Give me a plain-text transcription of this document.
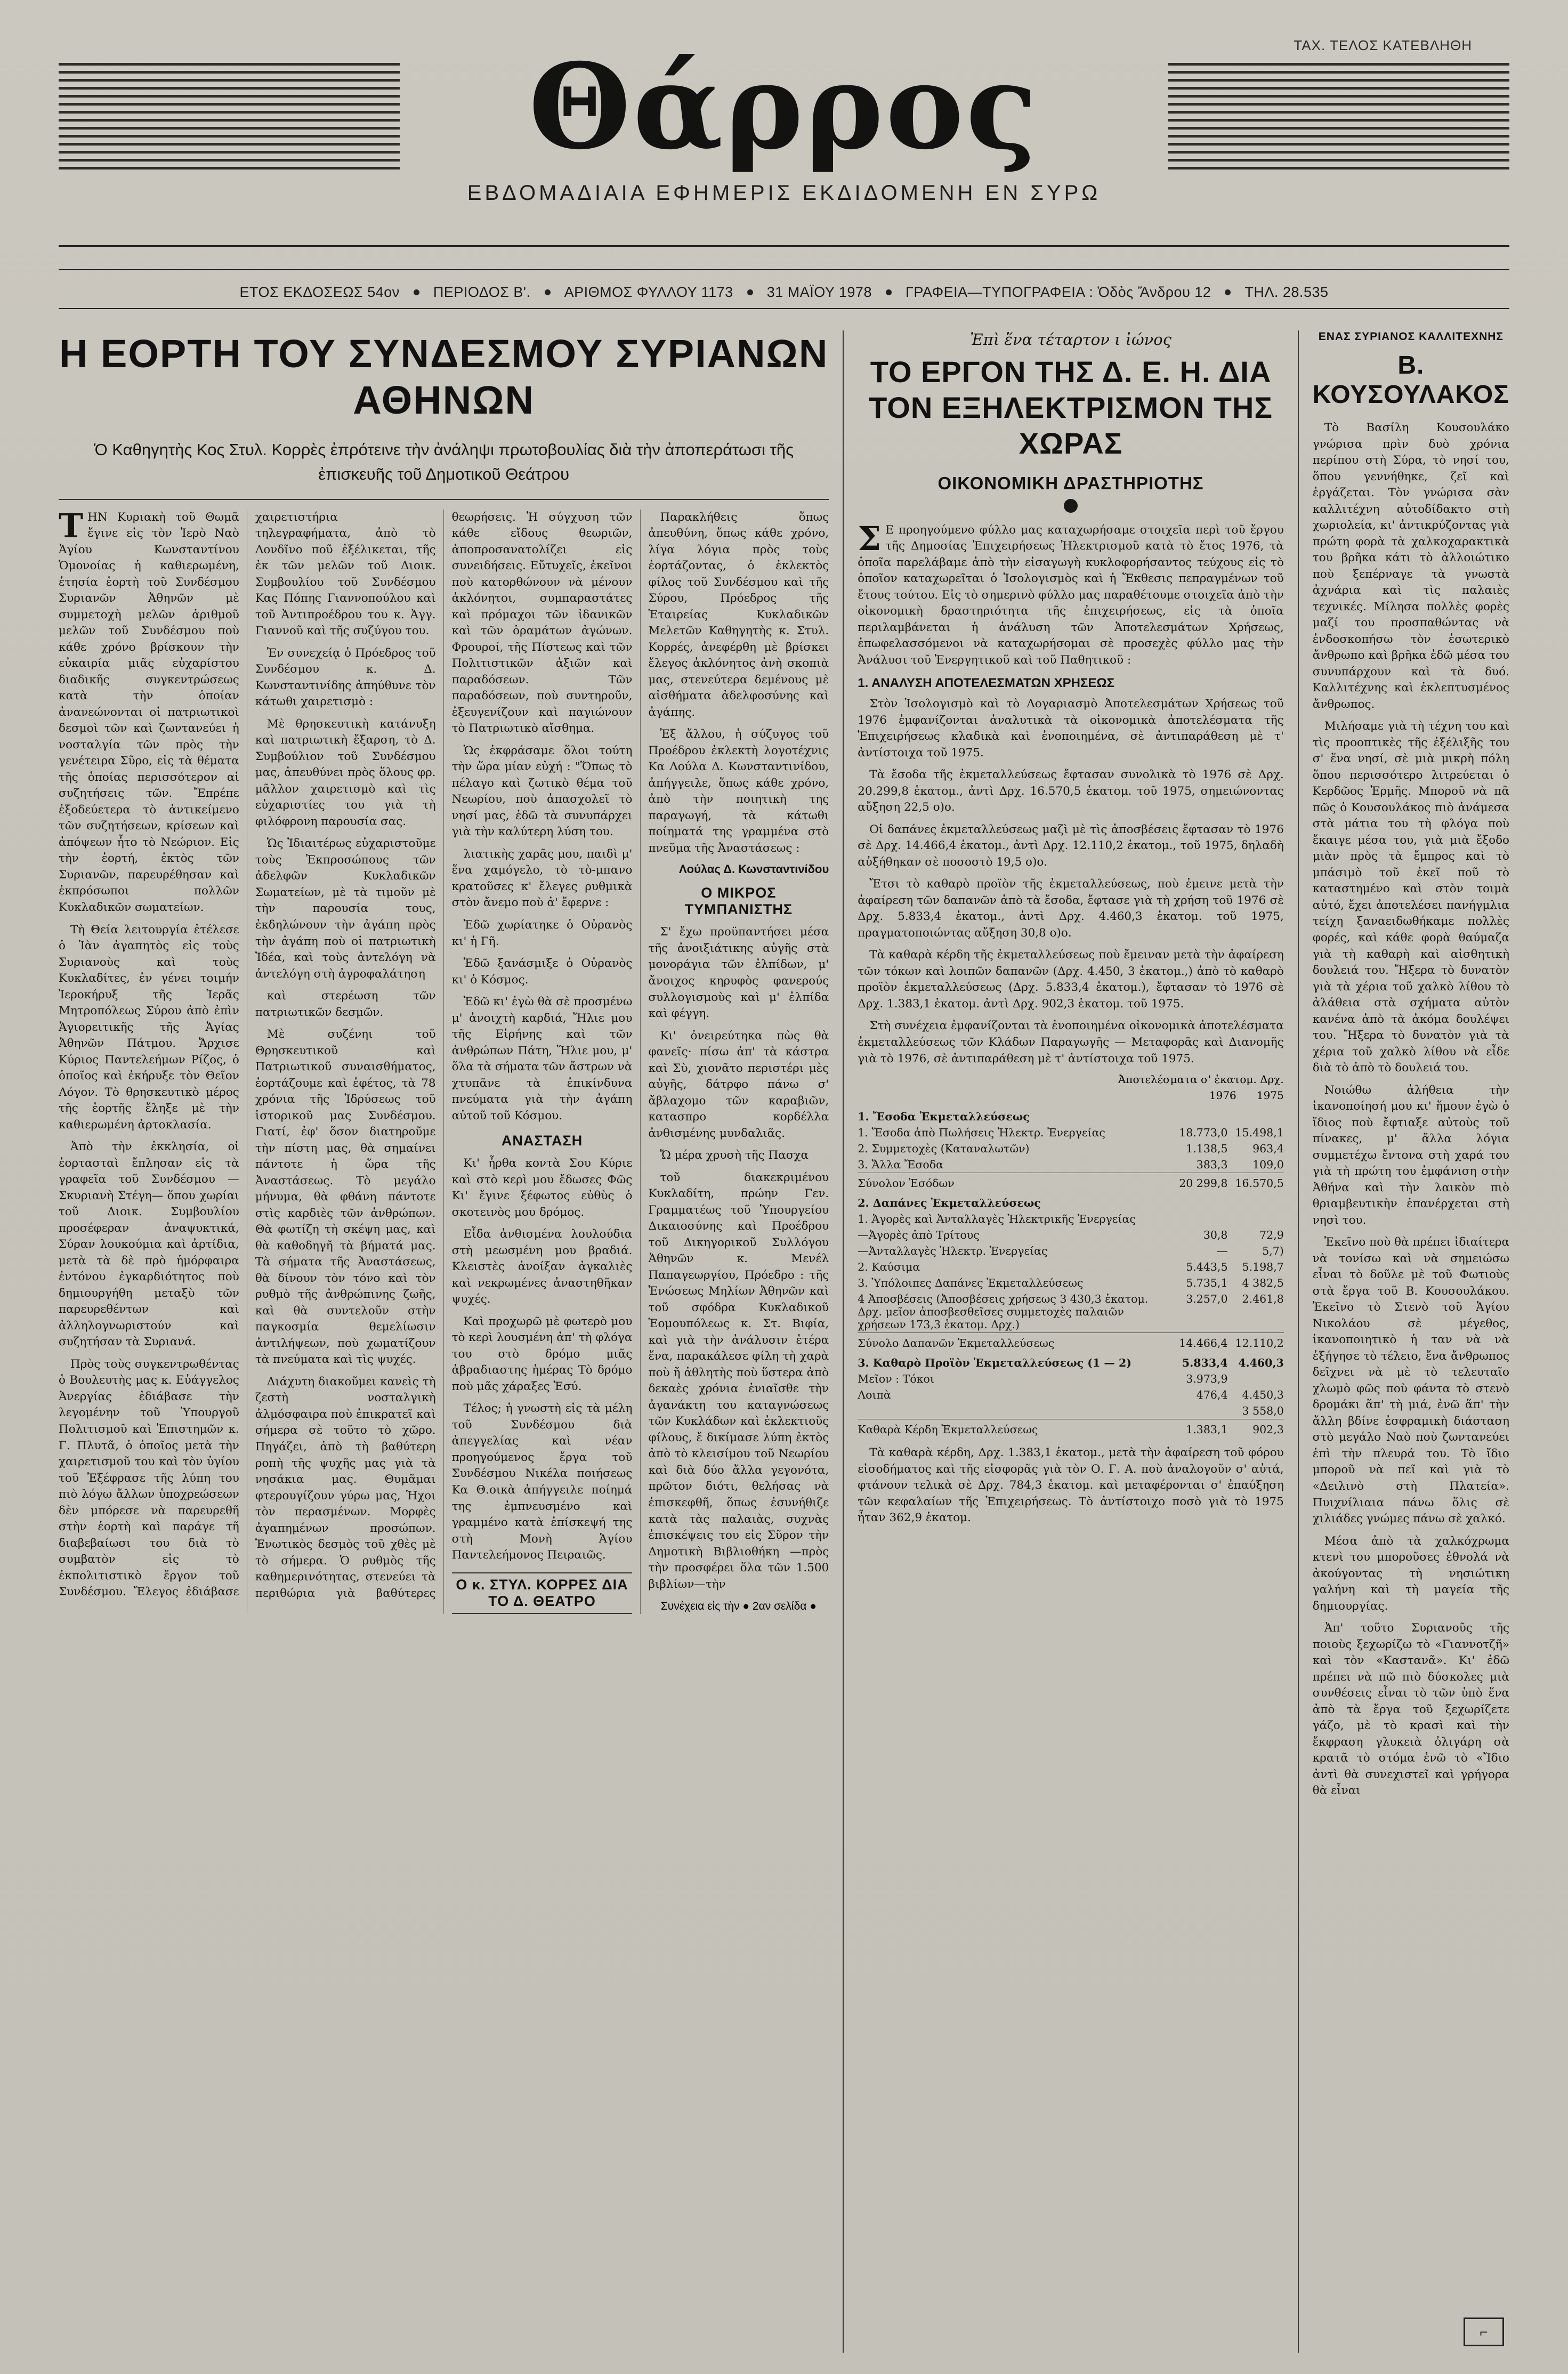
ΤΑΧ. ΤΕΛΟΣ ΚΑΤΕΒΛΗΘΗ
Θάρρος
ΕΒΔΟΜΑΔΙΑΙΑ ΕΦΗΜΕΡΙΣ ΕΚΔΙΔΟΜΕΝΗ ΕΝ ΣΥΡΩ
ΕΤΟΣ ΕΚΔΟΣΕΩΣ 54ον ΠΕΡΙΟΔΟΣ Β'. ΑΡΙΘΜΟΣ ΦΥΛΛΟΥ 1173 31 ΜΑΪΟΥ 1978 ΓΡΑΦΕΙΑ—ΤΥΠΟΓΡΑΦΕΙΑ : Ὁδὸς Ἄνδρου 12 ΤΗΛ. 28.535
Η ΕΟΡΤΗ ΤΟΥ ΣΥΝΔΕΣΜΟΥ ΣΥΡΙΑΝΩΝ ΑΘΗΝΩΝ
Ὁ Καθηγητὴς Κος Στυλ. Κορρὲς ἐπρότεινε τὴν ἀνάληψι πρωτοβουλίας διὰ τὴν ἀποπεράτωσι τῆς ἐπισκευῆς τοῦ Δημοτικοῦ Θεάτρου

ΤΗΝ Κυριακὴ τοῦ Θωμᾶ ἔγινε εἰς τὸν Ἱερὸ Ναὸ Ἁγίου Κωνσταντίνου Ὁμονοίας ἡ καθιερωμένη, ἐτησία ἑορτὴ τοῦ Συνδέσμου Συριανῶν Ἀθηνῶν μὲ συμμετοχὴ μελῶν ἀριθμοῦ μελῶν τοῦ Συνδέσμου ποὺ κάθε χρόνο βρίσκουν τὴν εὐκαιρία μιᾶς εὐχαρίστου διαδικῆς συγκεντρώσεως κατὰ τὴν ὁποίαν ἀνανεώνονται οἱ πατριωτικοὶ δεσμοὶ τῶν καὶ ζωντανεύει ἡ νοσταλγία τῶν πρὸς τὴν γενέτειρα Σῦρο, εἰς τὰ θέματα τῆς ὁποίας περισσότερον αἱ συζητήσεις τῶν. Ἔπρέπε ἐξοδεύετερα τὸ ἀντικείμενο τῶν συζητήσεων, κρίσεων καὶ ἀπόψεων ἦτο τὸ Νεώριον. Εἰς τὴν ἑορτή, ἐκτὸς τῶν Συριανῶν, παρευρέθησαν καὶ ἐκπρόσωποι πολλῶν Κυκλαδικῶν σωματείων.

Τὴ Θεία λειτουργία ἐτέλεσε ὁ Ἱὰν ἀγαπητὸς εἰς τοὺς Συριανοὺς καὶ τοὺς Κυκλαδίτες, ἐν γένει τοιμήν Ἱεροκήρυξ τῆς Ἱερᾶς Μητροπόλεως Σύρου ἀπὸ ἐπὶν Ἁγιορειτικῆς τῆς Ἁγίας Ἀθηνῶν Πάτμου. Ἄρχισε Κύριος Παντελεήμων Ρίζος, ὁ ὁποῖος καὶ ἐκήρυξε τὸν Θεῖον Λόγον. Τὸ θρησκευτικὸ μέρος τῆς ἑορτῆς ἔληξε μὲ τὴν καθιερωμένη ἀρτοκλασία.

Ἀπὸ τὴν ἐκκλησία, οἱ ἑορτασταὶ ἔπλησαν εἰς τὰ γραφεῖα τοῦ Συνδέσμου —Σκυριανὴ Στέγη— ὅπου χωρίαι τοῦ Διοικ. Συμβουλίου προσέφεραν ἀναψυκτικά, Σύραν λουκούμια καὶ ἀρτίδια, μετὰ τὰ δὲ πρὸ ἡμόρφαιρα ἐντόνου ἐγκαρδιότητος ποὺ δημιουργήθη μεταξὺ τῶν παρευρεθέντων καὶ ἀλληλογνωριστούν καὶ συζητήσαν τὰ Συριανά.

Πρὸς τοὺς συγκεντρωθέντας ὁ Βουλευτὴς μας κ. Εὐάγγελος Ἀνεργίας ἐδιάβασε τὴν λεγομένην τοῦ Ὑπουργοῦ Πολιτισμοῦ καὶ Ἐπιστημῶν κ. Γ. Πλυτᾶ, ὁ ὁποῖος μετὰ τὴν χαιρετισμοῦ του καὶ τὸν ὑγίου τοῦ Ἐξέφρασε τῆς λύπη του πιὸ λόγω ἄλλων ὑποχρεώσεων δὲν μπόρεσε νὰ παρευρεθῆ στὴν ἑορτὴ καὶ παράγε τῆ διαβεβαίωσι του διὰ τὸ συμβατὸν εἰς τὸ ἐκπολιτιστικὸ ἔργον τοῦ Συνδέσμου. Ἔλεγος ἐδιάβασε χαιρετιστήρια τηλεγραφήματα, ἀπὸ τὸ Λονδῖνο ποῦ ἐξέλικεται, τῆς ἐκ τῶν μελῶν τοῦ Διοικ. Συμβουλίου τοῦ Συνδέσμου Κας Πόπης Γιαννοπούλου καὶ τοῦ Ἀντιπροέδρου του κ. Ἀγγ. Γιαννοῦ καὶ τῆς συζύγου του.

Ἐν συνεχείᾳ ὁ Πρόεδρος τοῦ Συνδέσμου κ. Δ. Κωνσταντινίδης ἀπηύθυνε τὸν κάτωθι χαιρετισμὸ :

Μὲ θρησκευτικὴ κατάνυξη καὶ πατριωτικὴ ἔξαρση, τὸ Δ. Συμβούλιον τοῦ Συνδέσμου μας, ἀπευθύνει πρὸς ὅλους φρ. μᾶλλον χαιρετισμὸ καὶ τὶς εὐχαριστίες του γιὰ τὴ φιλόφρονη παρουσία σας.

Ὡς Ἰδιαιτέρως εὐχαριστοῦμε τοὺς Ἐκπροσώπους τῶν ἀδελφῶν Κυκλαδικῶν Σωματείων, μὲ τὰ τιμοῦν μὲ τὴν παρουσία τους, ἐκδηλώνουν τὴν ἀγάπη πρὸς τὴν ἀγάπη ποὺ οἱ πατριωτικὴ Ἰδέα, καὶ τοὺς ἀντελόγη νὰ ἀντελόγη στὴ ἀγροφαλάτηση

καὶ στερέωση τῶν πατριωτικῶν δεσμῶν.

Μὲ συζένηι τοῦ Θρησκευτικοῦ καὶ Πατριωτικοῦ συναισθήματος, ἑορτάζουμε καὶ ἐφέτος, τὰ 78 χρόνια τῆς Ἰδρύσεως τοῦ ἱστορικοῦ μας Συνδέσμου. Γιατί, ἐφ' ὅσον διατηροῦμε τὴν πίστη μας, θὰ σημαίνει πάντοτε ἡ ὥρα τῆς Ἀναστάσεως. Τὸ μεγάλο μήνυμα, θὰ φθάνη πάντοτε στὶς καρδιὲς τῶν ἀνθρώπων. Θὰ φωτίζη τὴ σκέψη μας, καὶ θὰ καθοδηγῆ τὰ βήματά μας. Τὰ σήματα τῆς Ἀναστάσεως, θὰ δίνουν τὸν τόνο καὶ τὸν ρυθμὸ τῆς ἀνθρώπινης ζωῆς, καὶ θὰ συντελοῦν στὴν παγκοσμία θεμελίωσιν ἀντιλήψεων, ποὺ χωματίζουν τὰ πνεύματα καὶ τὶς ψυχές.

Διάχυτη διακοῦμει κανεὶς τὴ ζεστὴ νοσταλγικὴ ἀλμόσφαιρα ποὺ ἐπικρατεῖ καὶ σήμερα σὲ τοῦτο τὸ χῶρο. Πηγάζει, ἀπὸ τὴ βαθύτερη ροπὴ τῆς ψυχῆς μας γιὰ τὰ νησάκια μας. Θυμᾶμαι φτερουγίζουν γύρω μας, Ἡχοι τὸν περασμένων. Μορφὲς ἀγαπημένων προσώπων. Ἐνωτικὸς δεσμὸς τοῦ χθὲς μὲ τὸ σήμερα. Ὁ ρυθμὸς τῆς καθημερινότητας, στενεύει τὰ περιθώρια γιὰ βαθύτερες θεωρήσεις. Ἡ σύγχυση τῶν κάθε εἴδους θεωριῶν, ἀποπροσανατολίζει εἰς συνειδήσεις. Εὔτυχεῖς, ἐκεῖνοι ποὺ κατορθώνουν νὰ μένουν ἀκλόνητοι, συμπαραστάτες καὶ πρόμαχοι τῶν ἰδανικῶν καὶ τῶν ὁραμάτων ἀγώνων. Φρουροί, τῆς Πίστεως καὶ τῶν Πολιτιστικῶν ἀξιῶν καὶ παραδόσεων. Τῶν παραδόσεων, ποὺ συντηροῦν, ἐξευγενίζουν καὶ παγιώνουν τὸ Πατριωτικὸ αἴσθημα.

Ὡς ἐκφράσαμε ὅλοι τούτη τὴν ὥρα μίαν εὐχή : "Ὅπως τὸ πέλαγο καὶ ζωτικὸ θέμα τοῦ Νεωρίου, ποὺ ἀπασχολεῖ τὸ νησί μας, ἐδῶ τὰ συνυπάρχει γιὰ τὴν καλύτερη λύση του.

λιατικὴς χαρᾶς μου, παιδὶ μ' ἕνα χαμόγελο, τὸ τὸ-μπανο κρατοῦσες κ' ἔλεγες ρυθμικὰ στὸν ἄνεμο ποὺ ἀ' ἔφερνε :

Ἐδῶ χωρίατηκε ὁ Οὐρανὸς κι' ἡ Γῆ.

Ἐδῶ ξανάσμιξε ὁ Οὐρανὸς κι' ὁ Κόσμος.

Ἐδῶ κι' ἐγὼ θὰ σὲ προσμένω μ' ἀνοιχτὴ καρδιά, Ἥλιε μου τῆς Εἰρήνης καὶ τῶν ἀνθρώπων Πάτη, Ἥλιε μου, μ' ὅλα τὰ σήματα τῶν ἄστρων νὰ χτυπᾶνε τὰ ἐπικίνδυνα πνεύματα γιὰ τὴν ἀγάπη αὐτοῦ τοῦ Κόσμου.

ΑΝΑΣΤΑΣΗ

Κι' ἦρθα κοντὰ Σου Κύριε καὶ στὸ κερὶ μου ἔδωσες Φῶς Κι' ἔγινε ξέφωτος εὐθὺς ὁ σκοτεινὸς μου δρόμος.

Εἶδα ἀνθισμένα λουλούδια στὴ μεωσμένη μου βραδιά. Κλειστὲς ἀνοίξαν ἀγκαλιὲς καὶ νεκρωμένες ἀναστηθῆκαν ψυχές.

Καὶ προχωρῶ μὲ φωτερὸ μου τὸ κερὶ λουσμένη ἀπ' τὴ φλόγα του στὸ δρόμο μιᾶς ἀβραδιαστης ἡμέρας Τὸ δρόμο ποὺ μᾶς χάραξες Ἐσύ.

Τέλος; ἡ γνωστὴ εἰς τὰ μέλη τοῦ Συνδέσμου διὰ ἀπεγγελίας καὶ νέαν προηγούμενος ἔργα τοῦ Συνδέσμου Νικέλα ποιήσεως Κα Θ.οικὰ ἀπήγγειλε ποίημά της ἐμπνευσμένο καὶ γραμμένο κατὰ ἐπίσκεψή της στὴ Μονὴ Ἁγίου Παντελεήμονος Πειραιῶς.

Ο κ. ΣΤΥΛ. ΚΟΡΡΕΣ ΔΙΑ ΤΟ Δ. ΘΕΑΤΡΟ

Παρακλήθεις ὅπως ἀπευθύνη, ὅπως κάθε χρόνο, λίγα λόγια πρὸς τοὺς ἑορτάζοντας, ὁ ἐκλεκτὸς φίλος τοῦ Συνδέσμου καὶ τῆς Σύρου, Πρόεδρος τῆς Ἑταιρείας Κυκλαδικῶν Μελετῶν Καθηγητὴς κ. Στυλ. Κορρές, ἀνεφέρθη μὲ βρίσκει ἔλεγος ἀκλόνητος ἀνὴ σκοπιὰ μας, στενεύτερα δεμένους μὲ αἰσθήματα ἀδελφοσύνης καὶ ἀγάπης.

Ἐξ ἄλλου, ἡ σύζυγος τοῦ Προέδρου ἐκλεκτὴ λογοτέχνις Κα Λούλα Δ. Κωνσταντινίδου, ἀπήγγειλε, ὅπως κάθε χρόνο, ἀπὸ τὴν ποιητικὴ της παραγωγή, τὰ κάτωθι ποίηματά της γραμμένα στὸ πνεῦμα τῆς Ἀναστάσεως :

Λούλας Δ. Κωνσταντινίδου
Ο ΜΙΚΡΟΣ ΤΥΜΠΑΝΙΣΤΗΣ

Σ' ἔχω προϋπαντήσει μέσα τῆς ἀνοιξιάτικης αὐγῆς στὰ μονοράγια τῶν ἐλπίδων, μ' ἄνοιχος κηρυφὸς φανερούς συλλογισμοὺς καὶ μ' ἐλπίδα καὶ φέγγη.

Κι' ὀνειρεύτηκα πὼς θὰ φανεῖς· πίσω ἀπ' τὰ κάστρα καὶ Σὺ, χιονᾶτο περιστέρι μὲς αὐγῆς, δάτρφο πάνω σ' ἄβλαχομο τῶν καραβιῶν, κατασπρο κορδέλλα ἀνθισμένης μυνδαλιᾶς.

Ὤ μέρα χρυσὴ τῆς Πασχα

τοῦ διακεκριμένου Κυκλαδίτη, πρώην Γεν. Γραμματέως τοῦ Ὑπουργείου Δικαιοσύνης καὶ Προέδρου τοῦ Δικηγορικοῦ Συλλόγου Ἀθηνῶν κ. Μενέλ Παπαγεωργίου, Πρόεδρο : τῆς Ἑνώσεως Μηλίων Ἀθηνῶν καὶ τοῦ σφόδρα Κυκλαδικοῦ Ἑομουπόλεως κ. Στ. Βιφία, καὶ γιὰ τὴν ἀνάλυσιν ἑτέρα ἕνα, παρακάλεσε φίλη τὴ χαρὰ ποὺ ἤ ἀθλητὴς ποὺ ὕστερα ἀπὸ δεκαὲς χρόνια ἐνιαῖσθε τὴν ἀγανάκτη του καταγνώσεως τῶν Κυκλάδων καὶ ἐκλεκτιοῦς φίλους, ἔ δικίμασε λύπη ἐκτὸς ἀπὸ τὸ κλεισίμου τοῦ Νεωρίου καὶ διὰ δύο ἄλλα γεγονότα, πρῶτον διότι, θελήσας νὰ ἐπισκεφθῆ, ὅπως ἐσυνήθιζε κατὰ τὰς παλαιὰς, συχνὰς ἐπισκέψεις του εἰς Σῦρον τὴν Δημοτικὴ Βιβλιοθήκη —πρὸς τὴν προσφέρει ὅλα τῶν 1.500 βιβλίων—τὴν

Συνέχεια εἰς τὴν ● 2αν σελίδα ●
Ἐπὶ ἕνα τέταρτον ι ἰώνος
ΤΟ ΕΡΓΟΝ ΤΗΣ Δ. Ε. Η. ΔΙΑ ΤΟΝ ΕΞΗΛΕΚΤΡΙΣΜΟΝ ΤΗΣ ΧΩΡΑΣ
ΟΙΚΟΝΟΜΙΚΗ ΔΡΑΣΤΗΡΙΟΤΗΣ

ΣΕ προηγούμενο φύλλο μας καταχωρήσαμε στοιχεῖα περὶ τοῦ ἔργου τῆς Δημοσίας Ἐπιχειρήσεως Ἠλεκτρισμοῦ κατὰ τὸ ἔτος 1976, τὰ ὁποῖα παρελάβαμε ἀπὸ τὴν εἰσαγωγὴ κυκλοφορήσαντος τεύχους εἰς τὸ ὁποῖον καταχωρεῖται ὁ Ἰσολογισμὸς καὶ ἡ Ἔκθεσις πεπραγμένων τοῦ ἔτους τούτου. Εἰς τὸ σημερινὸ φύλλο μας παραθέτουμε στοιχεῖα ἀπὸ τὴν οἰκονομικὴ δραστηριότητα τῆς ἐπιχειρήσεως, εἰς τὰ ὁποῖα περιλαμβάνεται ἡ ἀνάλυση τῶν Ἀποτελεσμάτων Χρήσεως, ἐπωφελασσόμενοι νὰ καταχωρήσομαι σὲ προσεχὲς φύλλο μας τὴν Ἀνάλυσι τοῦ Ἐνεργητικοῦ καὶ τοῦ Παθητικοῦ :

1. ΑΝΑΛΥΣΗ ΑΠΟΤΕΛΕΣΜΑΤΩΝ ΧΡΗΣΕΩΣ

Στὸν Ἰσολογισμὸ καὶ τὸ Λογαριασμὸ Ἀποτελεσμάτων Χρήσεως τοῦ 1976 ἐμφανίζονται ἀναλυτικὰ τὰ οἰκονομικὰ ἀποτελέσματα τῆς Ἐπιχειρήσεως κλαδικὰ καὶ ἐνοποιημένα, σὲ ἀντιπαράθεση μὲ τ' ἀντίστοιχα τοῦ 1975.

Τὰ ἔσοδα τῆς ἐκμεταλλεύσεως ἔφτασαν συνολικὰ τὸ 1976 σὲ Δρχ. 20.299,8 ἑκατομ., ἀντὶ Δρχ. 16.570,5 ἑκατομ. τοῦ 1975, σημειώνοντας αὔξηση 22,5 ο)ο.

Οἱ δαπάνες ἐκμεταλλεύσεως μαζὶ μὲ τὶς ἀποσβέσεις ἔφτασαν τὸ 1976 σὲ Δρχ. 14.466,4 ἑκατομ., ἀντὶ Δρχ. 12.110,2 ἑκατομ., τοῦ 1975, δηλαδὴ αὐξήθηκαν σὲ ποσοστὸ 19,5 ο)ο.

Ἔτσι τὸ καθαρὸ προϊὸν τῆς ἐκμεταλλεύσεως, ποὺ ἐμεινε μετὰ τὴν ἀφαίρεση τῶν δαπανῶν ἀπὸ τὰ ἔσοδα, ἔφτασε γιὰ τὴ χρήση τοῦ 1976 σὲ Δρχ. 5.833,4 ἑκατομ., ἀντὶ Δρχ. 4.460,3 ἑκατομ. τοῦ 1975, πραγματοποιώντας αὔξηση 30,8 ο)ο.

Τὰ καθαρὰ κέρδη τῆς ἐκμεταλλεύσεως ποὺ ἔμειναν μετὰ τὴν ἀφαίρεση τῶν τόκων καὶ λοιπῶν δαπανῶν (Δρχ. 4.450, 3 ἑκατομ.,) ἀπὸ τὸ καθαρὸ προϊὸν ἐκμεταλλεύσεως (Δρχ. 5.833,4 ἑκατομ.), ἔφτασαν τὸ 1976 σὲ Δρχ. 1.383,1 ἑκατομ. ἀντὶ Δρχ. 902,3 ἑκατομ. τοῦ 1975.

Στὴ συνέχεια ἐμφανίζονται τὰ ἐνοποιημένα οἰκονομικὰ ἀποτελέσματα ἐκμεταλλεύσεως τῶν Κλάδων Παραγωγῆς — Μεταφορᾶς καὶ Διανομῆς γιὰ τὸ 1976, σὲ ἀντιπαράθεση μὲ τ' ἀντίστοιχα τοῦ 1975.

Ἀποτελέσματα σ' ἑκατομ. Δρχ.
1976 1975
1. Ἔσοδα Ἐκμεταλλεύσεως		
1. Ἔσοδα ἀπὸ Πωλήσεις Ἠλεκτρ. Ἐνεργείας	18.773,0	15.498,1
2. Συμμετοχὲς (Καταναλωτῶν)	1.138,5	963,4
3. Ἄλλα Ἔσοδα	383,3	109,0
Σύνολον Ἐσόδων	20 299,8	16.570,5
2. Δαπάνες Ἐκμεταλλεύσεως		
1. Ἀγορὲς καὶ Ἀνταλλαγὲς Ἠλεκτρικῆς Ἐνεργείας		
—Ἀγορὲς ἀπὸ Τρίτους	30,8	72,9
—Ἀνταλλαγὲς Ἠλεκτρ. Ἐνεργείας	—	5,7)
2. Καύσιμα	5.443,5	5.198,7
3. Ὑπόλοιπες Δαπάνες Ἐκμεταλλεύσεως	5.735,1	4 382,5
4 Ἀποσβέσεις (Ἀποσβέσεις χρήσεως 3 430,3 ἑκατομ. Δρχ. μεῖον ἀποσβεσθεῖσες συμμετοχὲς παλαιῶν χρήσεων 173,3 ἑκατομ. Δρχ.)	3.257,0	2.461,8
Σύνολο Δαπανῶν Ἐκμεταλλεύσεως	14.466,4	12.110,2
3. Καθαρὸ Προϊὸν Ἐκμεταλλεύσεως (1 — 2)	5.833,4	4.460,3
Μεῖον : Τόκοι	3.973,9	
Λοιπὰ	476,4	4.450,3
		3 558,0
Καθαρὰ Κέρδη Ἐκμεταλλεύσεως	1.383,1	902,3

Τὰ καθαρὰ κέρδη, Δρχ. 1.383,1 ἑκατομ., μετὰ τὴν ἀφαίρεση τοῦ φόρου εἰσοδήματος καὶ τῆς εἰσφορᾶς γιὰ τὸν Ο. Γ. Α. ποὺ ἀναλογοῦν σ' αὐτά, φτάνουν τελικὰ σὲ Δρχ. 784,3 ἑκατομ. καὶ μεταφέρονται σ' ἐπαύξηση τῶν κεφαλαίων τῆς Ἐπιχειρήσεως. Τὸ ἀντίστοιχο ποσὸ γιὰ τὸ 1975 ἦταν 362,9 ἑκατομ.

ΕΝΑΣ ΣΥΡΙΑΝΟΣ ΚΑΛΛΙΤΕΧΝΗΣ
Β. ΚΟΥΣΟΥΛΑΚΟΣ

Τὸ Βασίλη Κουσουλάκο γνώρισα πρὶν δυὸ χρόνια περίπου στὴ Σύρα, τὸ νησί του, ὅπου γεννήθηκε, ζεῖ καὶ ἐργάζεται. Τὸν γνώρισα σὰν καλλιτέχνη αὐτοδίδακτο στὴ χωριολεία, κι' ἀντικρύζοντας γιὰ πρώτη φορὰ τὰ χαλκοχαρακτικὰ του βρῆκα κάτι τὸ ἀλλοιώτικο ποὺ ξεπέρναγε τὰ γνωστὰ ἀχνάρια καὶ τὶς παλαιὲς τεχνικές. Μίλησα πολλὲς φορὲς μαζί του προσπαθώντας νὰ ἐνδοσκοπήσω τὸν ἐσωτερικὸ ἄνθρωπο καὶ βρῆκα ἐδῶ μέσα του συνυπάρχουν καὶ τὰ δυό. Καλλιτέχνης καὶ ἐκλεπτυσμένος ἄνθρωπος.

Μιλήσαμε γιὰ τὴ τέχνη του καὶ τὶς προοπτικὲς τῆς ἐξέλιξῆς του σ' ἕνα νησί, σὲ μιὰ μικρὴ πόλη ὅπου περισσότερο λιτρεύεται ὁ Κερδῶος Ἑρμῆς. Μποροῦ νὰ πᾶ πῶς ὁ Κουσουλάκος πιὸ ἀνάμεσα στὰ μάτια του τὴ φλόγα ποὺ ἔκαιγε μέσα του, γιὰ μιὰ ἔξοδο μιὰν πρὸς τὰ ἔμπρος καὶ τὸ μπάσιμὸ τοῦ ἐκεῖ ποῦ τὸ καταστημένο καὶ στὸν τοιμὰ αὐτό, ἔχει ἀποτελέσει πανήγμλια τείχη ξαναειδωθήκαμε πολλὲς φορές, καὶ κάθε φορὰ θαύμαζα γιὰ τὴ καθαρὴ καὶ αἰσθητικὴ δουλειά του. Ἤξερα τὸ δυνατὸν γιὰ τὰ χέρια τοῦ χαλκὸ λίθου τὸ ἀλάθεια στὰ σχήματα αὐτὸν κανένα ἀπὸ τὰ ἀκόμα δουλέψει του. Ἤξερα τὸ δυνατὸν γιὰ τὰ χέρια τοῦ χαλκὸ λίθου νὰ εἶδε διὰ τὸ ἀπὸ τὸ δουλειά του.

Νοιώθω ἀλήθεια τὴν ἱκανοποίησή μου κι' ἥμουν ἐγὼ ὁ ἴδιος ποὺ ἔφτιαξε αὐτοὺς τοῦ πίνακες, μ' ἄλλα λόγια συμμετέχω ἔντονα στὴ χαρά του γιὰ τὴ πρώτη του ἐμφάνιση στὴν Ἀθήνα καὶ τὴν λαικὸν πιὸ θριαμβευτικὴν ἐπανέρχεται στὴ νησὶ του.

Ἐκεῖνο ποὺ θὰ πρέπει ἰδιαίτερα νὰ τονίσω καὶ νὰ σημειώσω εἶναι τὸ δοῦλε μὲ τοῦ Φωτιοὺς στὰ ἔργα τοῦ Β. Κουσουλάκου. Ἐκεῖνο τὸ Στενὸ τοῦ Ἁγίου Νικολάου σὲ μέγεθος, ἱκανοποιητικὸ ἡ ταν νὰ νὰ ἐξήγησε τὸ τέλειο, ἔνα ἄνθρωπος δεῖχνει νὰ μὲ τὸ τελευταῖο χλωμὸ φῶς ποὺ φάντα τὸ στενὸ δρομάκι ἅπ' τὴ μιά, ἐνῶ ἅπ' τὴν ἄλλη βδίνε ἐσφραμικὴ διάσταση στὸ μεγάλο Ναὸ ποὺ ζωντανεύει ἐπὶ τὴν πλευρά του. Τὸ ἴδιο μποροῦ νὰ πεῖ καὶ γιὰ τὸ «Δειλινὸ στὴ Πλατεία». Πυιχνίλιαια πάνω ὅλις σὲ χιλιάδες γνώμες πάνω σὲ χαλκό.

Μέσα ἀπὸ τὰ χαλκόχρωμα κτενὶ του μποροῦσες ἐθνολά νὰ ἀκούγοντας τὴ νησιώτικη γαλήνη καὶ τὴ μαγεία τῆς δημιουργίας.

Ἀπ' τοῦτο Συριανοῦς τῆς ποιοὺς ξεχωρίζω τὸ «Γιαννοτζῆ» καὶ τὸν «Καστανᾶ». Κι' ἐδῶ πρέπει νὰ πῶ πιὸ δύσκολες μιὰ συνθέσεις εἶναι τὸ τῶν ὑπὸ ἕνα ἀπὸ τὰ ἔργα τοῦ ξεχωρίζετε γάζο, μὲ τὸ κρασὶ καὶ τὴν ἔκφραση γλυκειὰ ὀλιγάρη σὰ κρατᾶ τὸ στόμα ἐνῶ τὸ «Ἴδιο ἀντὶ θὰ συνεχιστεῖ καὶ γρήγορα θὰ εἶναι

⌐
